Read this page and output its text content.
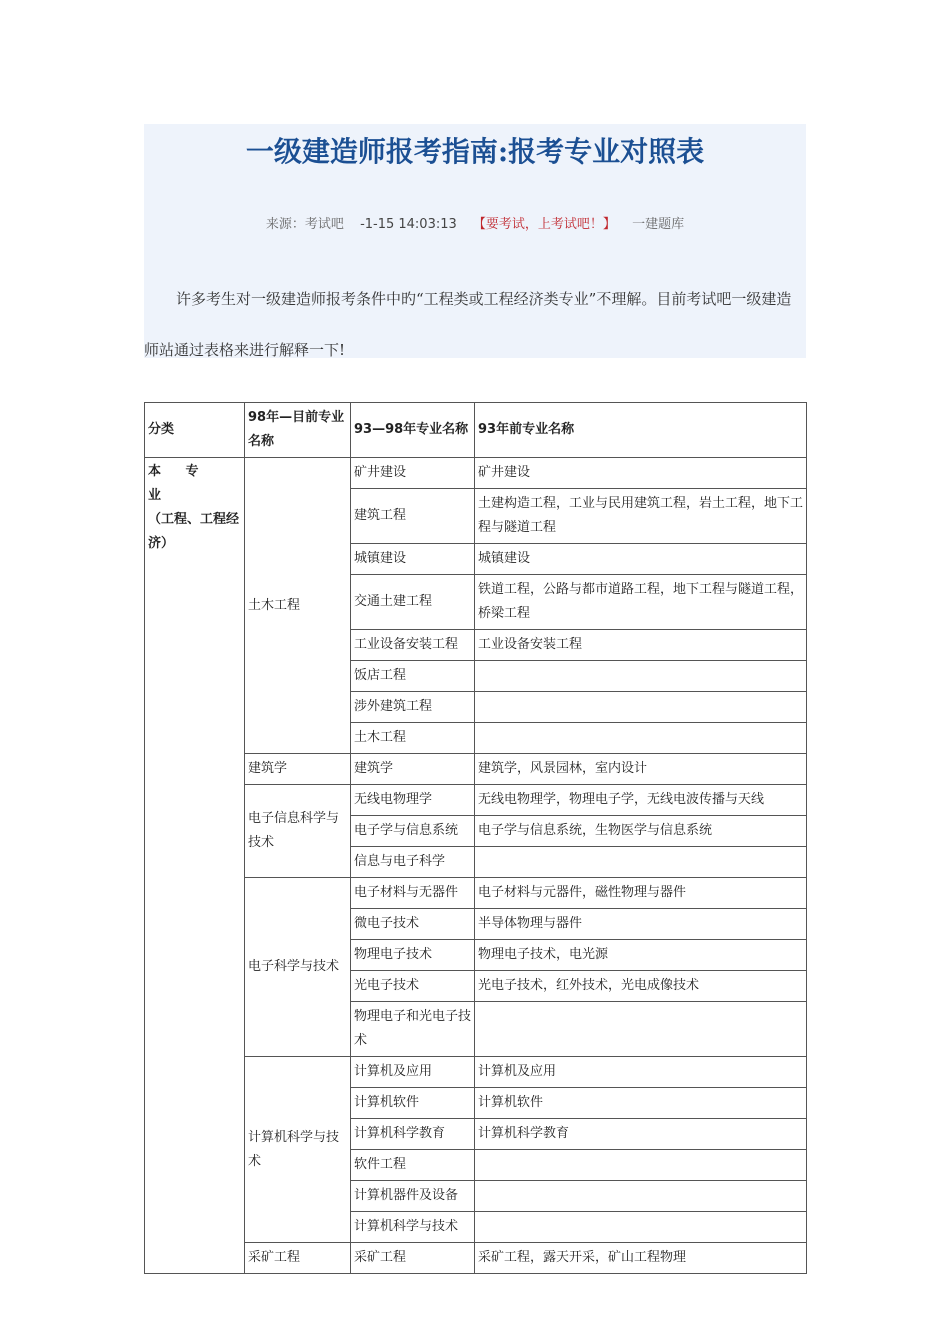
一级建造师报考指南:报考专业对照表
来源：考试吧 -1-15 14:03:13 【要考试，上考试吧！】 一建题库
许多考生对一级建造师报考条件中旳“工程类或工程经济类专业”不理解。目前考试吧一级建造师站通过表格来进行解释一下!
分类	98年—目前专业名称	93—98年专业名称	93年前专业名称

本 专 业
（工程、工程经济）	土木工程	矿井建设	矿井建设
		建筑工程	土建构造工程，工业与民用建筑工程，岩土工程，地下工程与隧道工程
		城镇建设	城镇建设
		交通土建工程	铁道工程，公路与都市道路工程，地下工程与隧道工程，桥梁工程
		工业设备安装工程	工业设备安装工程
		饭店工程	
		涉外建筑工程	
		土木工程	
	建筑学	建筑学	建筑学，风景园林，室内设计
	电子信息科学与技术	无线电物理学	无线电物理学，物理电子学，无线电波传播与天线
		电子学与信息系统	电子学与信息系统，生物医学与信息系统
		信息与电子科学	
	电子科学与技术	电子材料与无器件	电子材料与元器件，磁性物理与器件
		微电子技术	半导体物理与器件
		物理电子技术	物理电子技术，电光源
		光电子技术	光电子技术，红外技术，光电成像技术
		物理电子和光电子技术	
	计算机科学与技术	计算机及应用	计算机及应用
		计算机软件	计算机软件
		计算机科学教育	计算机科学教育
		软件工程	
		计算机器件及设备	
		计算机科学与技术	
	采矿工程	采矿工程	采矿工程，露天开采，矿山工程物理
